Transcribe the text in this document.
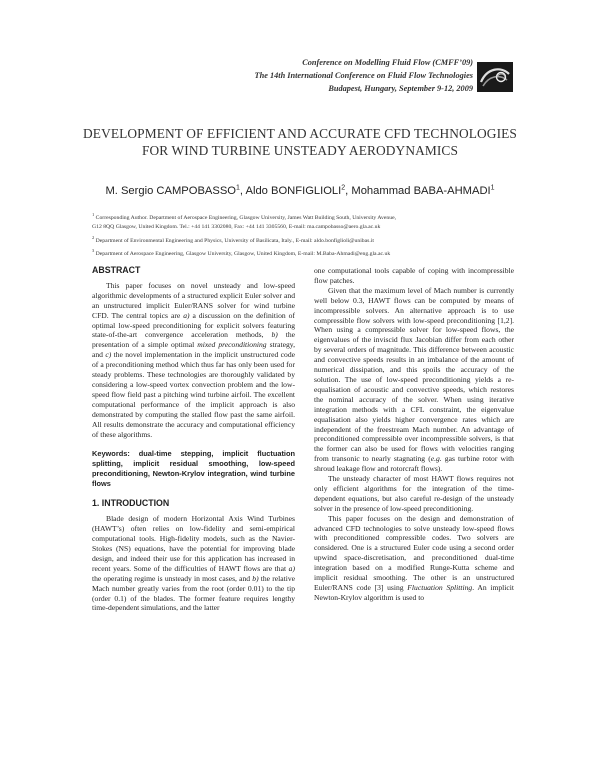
Conference on Modelling Fluid Flow (CMFF’09)
The 14th International Conference on Fluid Flow Technologies
Budapest, Hungary, September 9-12, 2009
DEVELOPMENT OF EFFICIENT AND ACCURATE CFD TECHNOLOGIES
FOR WIND TURBINE UNSTEADY AERODYNAMICS
M. Sergio CAMPOBASSO$^1$, Aldo BONFIGLIOLI$^2$, Mohammad BABA-AHMADI$^1$
$^1$ Corresponding Author. Department of Aerospace Engineering, Glasgow University, James Watt Building South, University Avenue,
G12 8QQ Glasgow, United Kingdom. Tel.: +44 141 3302080, Fax: +44 141 3305560, E-mail: ma.campobasso@aero.gla.ac.uk
$^2$ Department of Environmental Engineering and Physics, University of Basilicata, Italy., E-mail: aldo.bonfiglioli@unibas.it
$^3$ Department of Aerospace Engineering, Glasgow University, Glasgow, United Kingdom, E-mail: M.Baba-Ahmadi@eng.gla.ac.uk
ABSTRACT

This paper focuses on novel unsteady and low-speed algorithmic developments of a structured explicit Euler solver and an unstructured implicit Euler/RANS solver for wind turbine CFD. The central topics are a) a discussion on the definition of optimal low-speed preconditioning for explicit solvers featuring state-of-the-art convergence acceleration methods, b) the presentation of a simple optimal mixed preconditioning strategy, and c) the novel implementation in the implicit unstructured code of a preconditioning method which thus far has only been used for steady problems. These technologies are thoroughly validated by considering a low-speed vortex convection problem and the low-speed flow field past a pitching wind turbine airfoil. The excellent computational performance of the implicit approach is also demonstrated by computing the stalled flow past the same airfoil. All results demonstrate the accuracy and computational efficiency of these algorithms.

Keywords: dual-time stepping, implicit fluctuation splitting, implicit residual smoothing, low-speed preconditioning, Newton-Krylov integration, wind turbine flows
1. INTRODUCTION

Blade design of modern Horizontal Axis Wind Turbines (HAWT’s) often relies on low-fidelity and semi-empirical computational tools. High-fidelity models, such as the Navier-Stokes (NS) equations, have the potential for improving blade design, and indeed their use for this application has increased in recent years. Some of the difficulties of HAWT flows are that a) the operating regime is unsteady in most cases, and b) the relative Mach number greatly varies from the root (order 0.01) to the tip (order 0.1) of the blades. The former feature requires lengthy time-dependent simulations, and the latter

one computational tools capable of coping with incompressible flow patches.

Given that the maximum level of Mach number is currently well below 0.3, HAWT flows can be computed by means of incompressible solvers. An alternative approach is to use compressible flow solvers with low-speed preconditioning [1,2]. When using a compressible solver for low-speed flows, the eigenvalues of the inviscid flux Jacobian differ from each other by several orders of magnitude. This difference between acoustic and convective speeds results in an imbalance of the amount of numerical dissipation, and this spoils the accuracy of the solution. The use of low-speed preconditioning yields a re-equalisation of acoustic and convective speeds, which restores the nominal accuracy of the solver. When using iterative integration methods with a CFL constraint, the eigenvalue equalisation also yields higher convergence rates which are independent of the freestream Mach number. An advantage of preconditioned compressible over incompressible solvers, is that the former can also be used for flows with velocities ranging from transonic to nearly stagnating (e.g. gas turbine rotor with shroud leakage flow and rotorcraft flows).

The unsteady character of most HAWT flows requires not only efficient algorithms for the integration of the time-dependent equations, but also careful re-design of the unsteady solver in the presence of low-speed preconditioning.

This paper focuses on the design and demonstration of advanced CFD technologies to solve unsteady low-speed flows with preconditioned compressible codes. Two solvers are considered. One is a structured Euler code using a second order upwind space-discretisation, and preconditioned dual-time integration based on a modified Runge-Kutta scheme and implicit residual smoothing. The other is an unstructured Euler/RANS code [3] using Fluctuation Splitting. An implicit Newton-Krylov algorithm is used to
